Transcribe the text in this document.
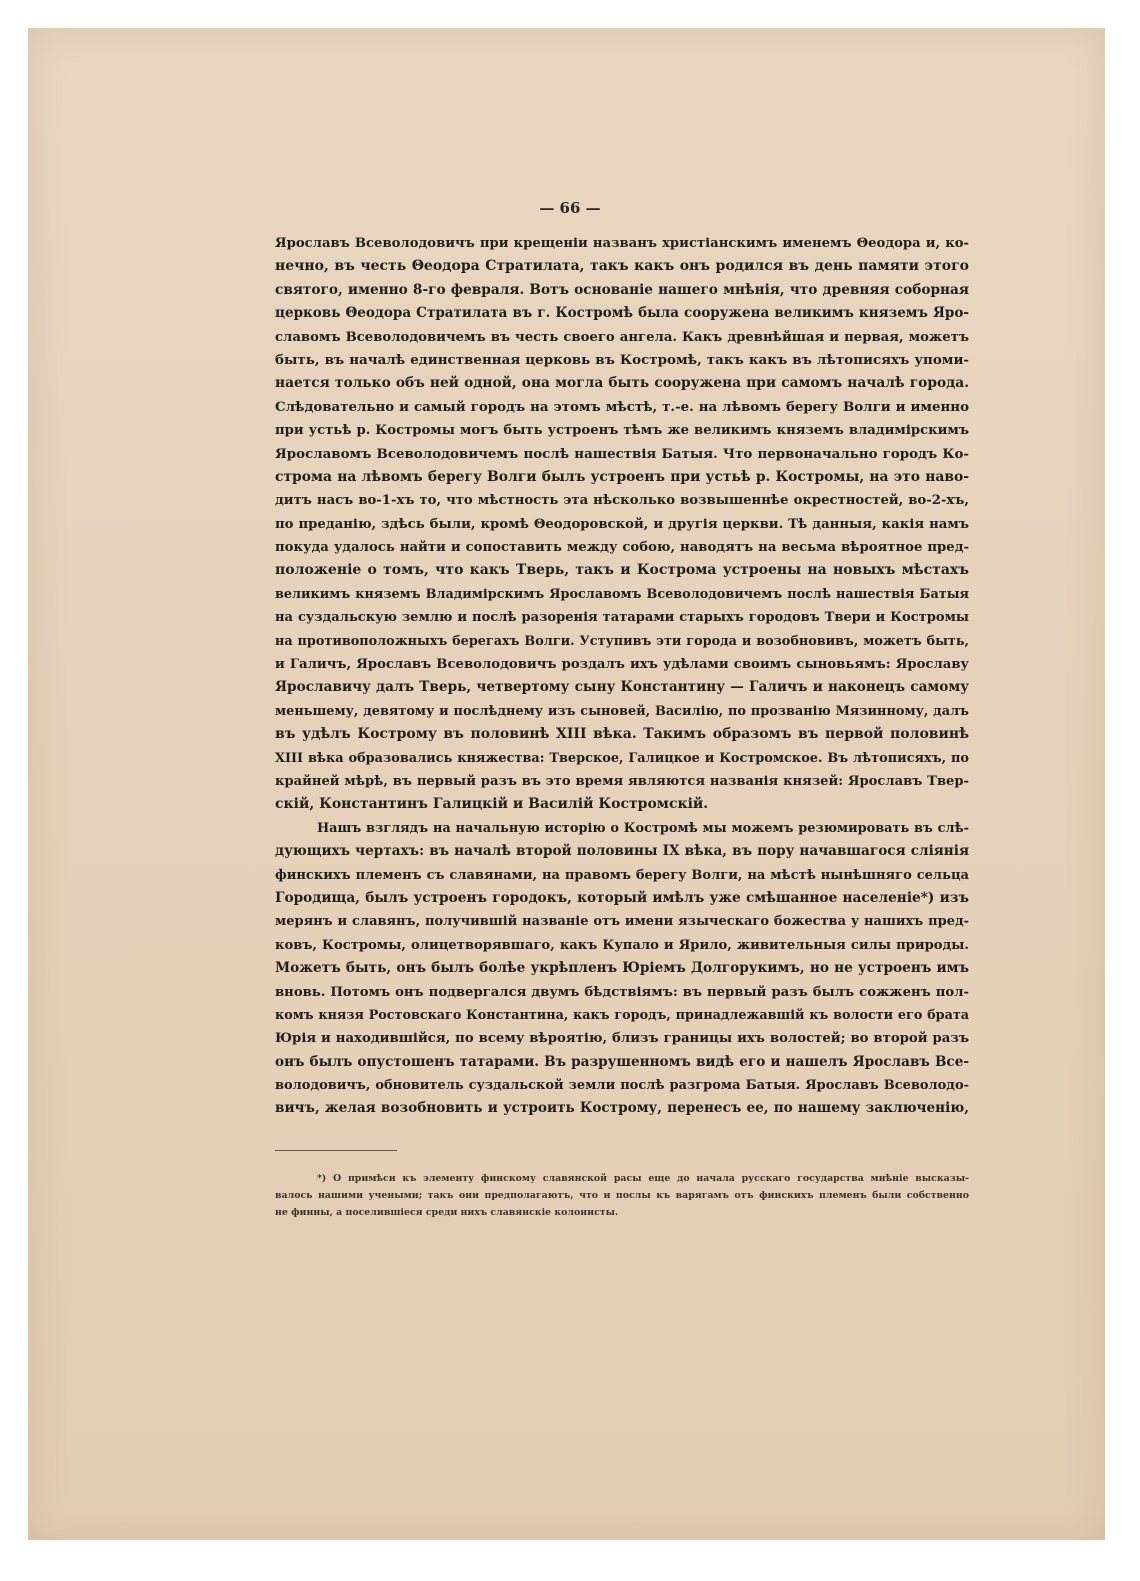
— 66 —

Ярославъ Всеволодовичъ при крещеніи названъ христіанскимъ именемъ Θеодора и, ко-
нечно, въ честь Θеодора Стратилата, такъ какъ онъ родился въ день памяти этого
святого, именно 8-го февраля. Вотъ основаніе нашего мнѣнія, что древняя соборная
церковь Θеодора Стратилата въ г. Костромѣ была сооружена великимъ княземъ Яро-
славомъ Всеволодовичемъ въ честь своего ангела. Какъ древнѣйшая и первая, можетъ
быть, въ началѣ единственная церковь въ Костромѣ, такъ какъ въ лѣтописяхъ упоми-
нается только объ ней одной, она могла быть сооружена при самомъ началѣ города.
Слѣдовательно и самый городъ на этомъ мѣстѣ, т.-е. на лѣвомъ берегу Волги и именно
при устьѣ р. Костромы могъ быть устроенъ тѣмъ же великимъ княземъ владимірскимъ
Ярославомъ Всеволодовичемъ послѣ нашествія Батыя. Что первоначально городъ Ко-
строма на лѣвомъ берегу Волги былъ устроенъ при устьѣ р. Костромы, на это наво-
дитъ насъ во-1-хъ то, что мѣстность эта нѣсколько возвышеннѣе окрестностей, во-2-хъ,
по преданію, здѣсь были, кромѣ Θеодоровской, и другія церкви. Тѣ данныя, какія намъ
покуда удалось найти и сопоставить между собою, наводятъ на весьма вѣроятное пред-
положеніе о томъ, что какъ Тверь, такъ и Кострома устроены на новыхъ мѣстахъ
великимъ княземъ Владимірскимъ Ярославомъ Всеволодовичемъ послѣ нашествія Батыя
на суздальскую землю и послѣ разоренія татарами старыхъ городовъ Твери и Костромы
на противоположныхъ берегахъ Волги. Уступивъ эти города и возобновивъ, можетъ быть,
и Галичъ, Ярославъ Всеволодовичъ роздалъ ихъ удѣлами своимъ сыновьямъ: Ярославу
Ярославичу далъ Тверь, четвертому сыну Константину — Галичъ и наконецъ самому
меньшему, девятому и послѣднему изъ сыновей, Василію, по прозванію Мязинному, далъ
въ удѣлъ Кострому въ половинѣ XIII вѣка. Такимъ образомъ въ первой половинѣ
XIII вѣка образовались княжества: Тверское, Галицкое и Костромское. Въ лѣтописяхъ, по
крайней мѣрѣ, въ первый разъ въ это время являются названія князей: Ярославъ Твер-
скій, Константинъ Галицкій и Василій Костромскій.
Нашъ взглядъ на начальную исторію о Костромѣ мы можемъ резюмировать въ слѣ-
дующихъ чертахъ: въ началѣ второй половины IX вѣка, въ пору начавшагося сліянія
финскихъ племенъ съ славянами, на правомъ берегу Волги, на мѣстѣ нынѣшняго сельца
Городища, былъ устроенъ городокъ, который имѣлъ уже смѣшанное населеніе*) изъ
мерянъ и славянъ, получившій названіе отъ имени языческаго божества у нашихъ пред-
ковъ, Костромы, олицетворявшаго, какъ Купало и Ярило, живительныя силы природы.
Можетъ быть, онъ былъ болѣе укрѣпленъ Юріемъ Долгорукимъ, но не устроенъ имъ
вновь. Потомъ онъ подвергался двумъ бѣдствіямъ: въ первый разъ былъ сожженъ пол-
комъ князя Ростовскаго Константина, какъ городъ, принадлежавшій къ волости его брата
Юрія и находившійся, по всему вѣроятію, близъ границы ихъ волостей; во второй разъ
онъ былъ опустошенъ татарами. Въ разрушенномъ видѣ его и нашелъ Ярославъ Все-
володовичъ, обновитель суздальской земли послѣ разгрома Батыя. Ярославъ Всеволодо-
вичъ, желая возобновить и устроить Кострому, перенесъ ее, по нашему заключенію,
*) О примѣси къ элементу финскому славянской расы еще до начала русскаго государства мнѣніе высказы-
валось нашими учеными; такъ они предполагаютъ, что и послы къ варягамъ отъ финскихъ племенъ были собственно
не финны, а поселившіеся среди нихъ славянскіе колонисты.
